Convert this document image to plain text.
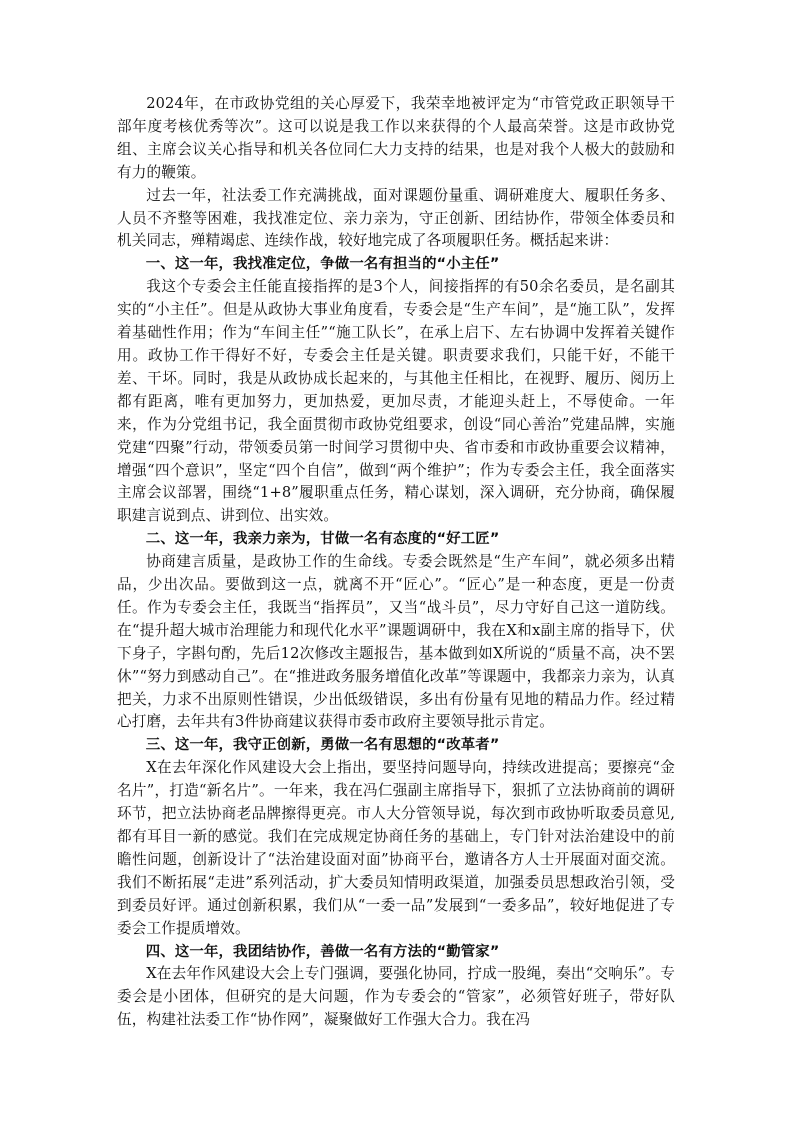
2024年，在市政协党组的关心厚爱下，我荣幸地被评定为“市管党政正职领导干部年度考核优秀等次”。这可以说是我工作以来获得的个人最高荣誉。这是市政协党组、主席会议关心指导和机关各位同仁大力支持的结果，也是对我个人极大的鼓励和有力的鞭策。

过去一年，社法委工作充满挑战，面对课题份量重、调研难度大、履职任务多、人员不齐整等困难，我找准定位、亲力亲为，守正创新、团结协作，带领全体委员和机关同志，殚精竭虑、连续作战，较好地完成了各项履职任务。概括起来讲：

一、这一年，我找准定位，争做一名有担当的“小主任”

我这个专委会主任能直接指挥的是3个人，间接指挥的有50余名委员，是名副其实的“小主任”。但是从政协大事业角度看，专委会是“生产车间”，是“施工队”，发挥着基础性作用；作为“车间主任”“施工队长”，在承上启下、左右协调中发挥着关键作用。政协工作干得好不好，专委会主任是关键。职责要求我们，只能干好，不能干差、干坏。同时，我是从政协成长起来的，与其他主任相比，在视野、履历、阅历上都有距离，唯有更加努力，更加热爱，更加尽责，才能迎头赶上，不辱使命。一年来，作为分党组书记，我全面贯彻市政协党组要求，创设“同心善治”党建品牌，实施党建“四聚”行动，带领委员第一时间学习贯彻中央、省市委和市政协重要会议精神，增强“四个意识”，坚定“四个自信”，做到“两个维护”；作为专委会主任，我全面落实主席会议部署，围绕“1+8”履职重点任务，精心谋划，深入调研，充分协商，确保履职建言说到点、讲到位、出实效。

二、这一年，我亲力亲为，甘做一名有态度的“好工匠”

协商建言质量，是政协工作的生命线。专委会既然是“生产车间”，就必须多出精品，少出次品。要做到这一点，就离不开“匠心”。“匠心”是一种态度，更是一份责任。作为专委会主任，我既当“指挥员”，又当“战斗员”，尽力守好自己这一道防线。在“提升超大城市治理能力和现代化水平”课题调研中，我在X和x副主席的指导下，伏下身子，字斟句酌，先后12次修改主题报告，基本做到如X所说的“质量不高，决不罢休”“努力到感动自己”。在“推进政务服务增值化改革”等课题中，我都亲力亲为，认真把关，力求不出原则性错误，少出低级错误，多出有份量有见地的精品力作。经过精心打磨，去年共有3件协商建议获得市委市政府主要领导批示肯定。

三、这一年，我守正创新，勇做一名有思想的“改革者”

X在去年深化作风建设大会上指出，要坚持问题导向，持续改进提高；要擦亮“金名片”，打造“新名片”。一年来，我在冯仁强副主席指导下，狠抓了立法协商前的调研环节，把立法协商老品牌擦得更亮。市人大分管领导说，每次到市政协听取委员意见,都有耳目一新的感觉。我们在完成规定协商任务的基础上，专门针对法治建设中的前瞻性问题，创新设计了“法治建设面对面”协商平台，邀请各方人士开展面对面交流。我们不断拓展“走进”系列活动，扩大委员知情明政渠道，加强委员思想政治引领，受到委员好评。通过创新积累，我们从“一委一品”发展到“一委多品”，较好地促进了专委会工作提质增效。

四、这一年，我团结协作，善做一名有方法的“勤管家”

X在去年作风建设大会上专门强调，要强化协同，拧成一股绳，奏出“交响乐”。专委会是小团体，但研究的是大问题，作为专委会的“管家”，必须管好班子，带好队伍，构建社法委工作“协作网”，凝聚做好工作强大合力。我在冯
